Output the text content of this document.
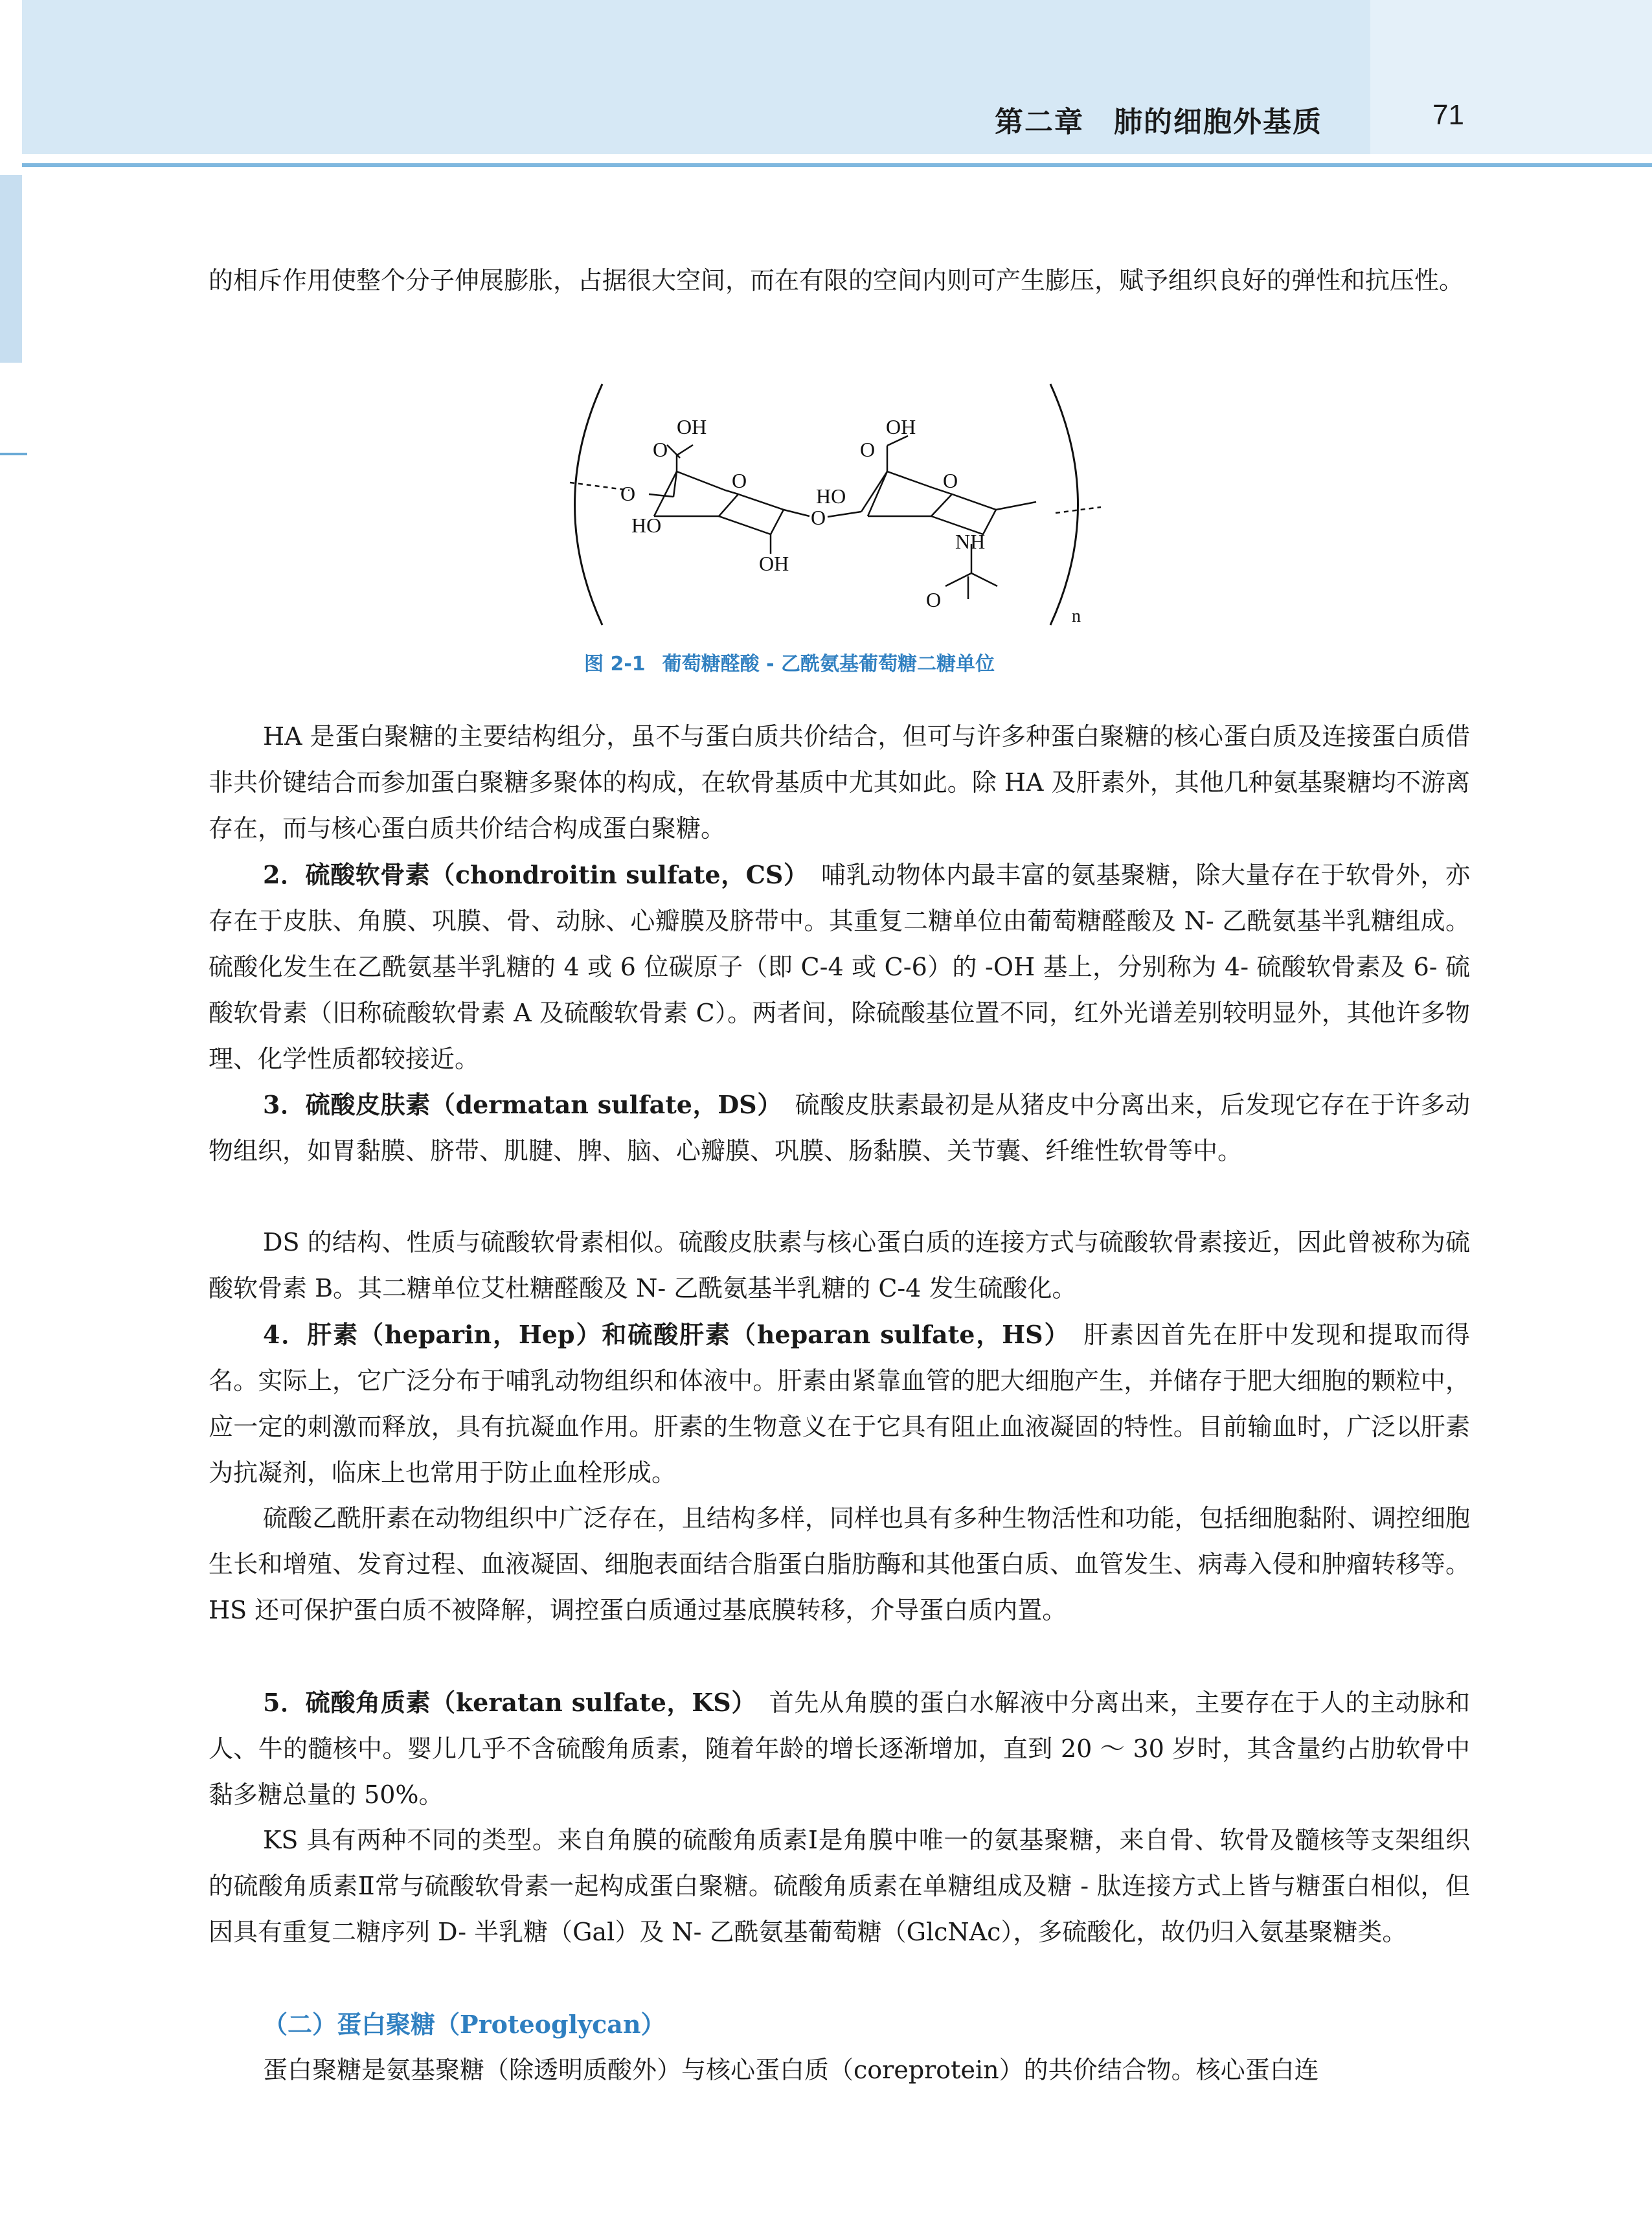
第二章　肺的细胞外基质	71

的相斥作用使整个分子伸展膨胀，占据很大空间，而在有限的空间内则可产生膨压，赋予组织良好的弹性和抗压性。

OH	OH
O
O
O
HO
OH
HO
O
O
O
NH
O
n
图 2-1 葡萄糖醛酸 - 乙酰氨基葡萄糖二糖单位

HA 是蛋白聚糖的主要结构组分，虽不与蛋白质共价结合，但可与许多种蛋白聚糖的核心蛋白质及连接蛋白质借非共价键结合而参加蛋白聚糖多聚体的构成，在软骨基质中尤其如此。除 HA 及肝素外，其他几种氨基聚糖均不游离存在，而与核心蛋白质共价结合构成蛋白聚糖。

2．硫酸软骨素（chondroitin sulfate，CS）　哺乳动物体内最丰富的氨基聚糖，除大量存在于软骨外，亦存在于皮肤、角膜、巩膜、骨、动脉、心瓣膜及脐带中。其重复二糖单位由葡萄糖醛酸及 N- 乙酰氨基半乳糖组成。硫酸化发生在乙酰氨基半乳糖的 4 或 6 位碳原子（即 C-4 或 C-6）的 -OH 基上，分别称为 4- 硫酸软骨素及 6- 硫酸软骨素（旧称硫酸软骨素 A 及硫酸软骨素 C）。两者间，除硫酸基位置不同，红外光谱差别较明显外，其他许多物理、化学性质都较接近。

3．硫酸皮肤素（dermatan sulfate，DS）　硫酸皮肤素最初是从猪皮中分离出来，后发现它存在于许多动物组织，如胃黏膜、脐带、肌腱、脾、脑、心瓣膜、巩膜、肠黏膜、关节囊、纤维性软骨等中。

DS 的结构、性质与硫酸软骨素相似。硫酸皮肤素与核心蛋白质的连接方式与硫酸软骨素接近，因此曾被称为硫酸软骨素 B。其二糖单位艾杜糖醛酸及 N- 乙酰氨基半乳糖的 C-4 发生硫酸化。

4．肝素（heparin，Hep）和硫酸肝素（heparan sulfate，HS）　肝素因首先在肝中发现和提取而得名。实际上，它广泛分布于哺乳动物组织和体液中。肝素由紧靠血管的肥大细胞产生，并储存于肥大细胞的颗粒中，应一定的刺激而释放，具有抗凝血作用。肝素的生物意义在于它具有阻止血液凝固的特性。目前输血时，广泛以肝素为抗凝剂，临床上也常用于防止血栓形成。

硫酸乙酰肝素在动物组织中广泛存在，且结构多样，同样也具有多种生物活性和功能，包括细胞黏附、调控细胞生长和增殖、发育过程、血液凝固、细胞表面结合脂蛋白脂肪酶和其他蛋白质、血管发生、病毒入侵和肿瘤转移等。HS 还可保护蛋白质不被降解，调控蛋白质通过基底膜转移，介导蛋白质内置。

5．硫酸角质素（keratan sulfate，KS）　首先从角膜的蛋白水解液中分离出来，主要存在于人的主动脉和人、牛的髓核中。婴儿几乎不含硫酸角质素，随着年龄的增长逐渐增加，直到 20 ～ 30 岁时，其含量约占肋软骨中黏多糖总量的 50%。

KS 具有两种不同的类型。来自角膜的硫酸角质素Ⅰ是角膜中唯一的氨基聚糖，来自骨、软骨及髓核等支架组织的硫酸角质素Ⅱ常与硫酸软骨素一起构成蛋白聚糖。硫酸角质素在单糖组成及糖 - 肽连接方式上皆与糖蛋白相似，但因具有重复二糖序列 D- 半乳糖（Gal）及 N- 乙酰氨基葡萄糖（GlcNAc），多硫酸化，故仍归入氨基聚糖类。

（二）蛋白聚糖（Proteoglycan）

蛋白聚糖是氨基聚糖（除透明质酸外）与核心蛋白质（coreprotein）的共价结合物。核心蛋白连
